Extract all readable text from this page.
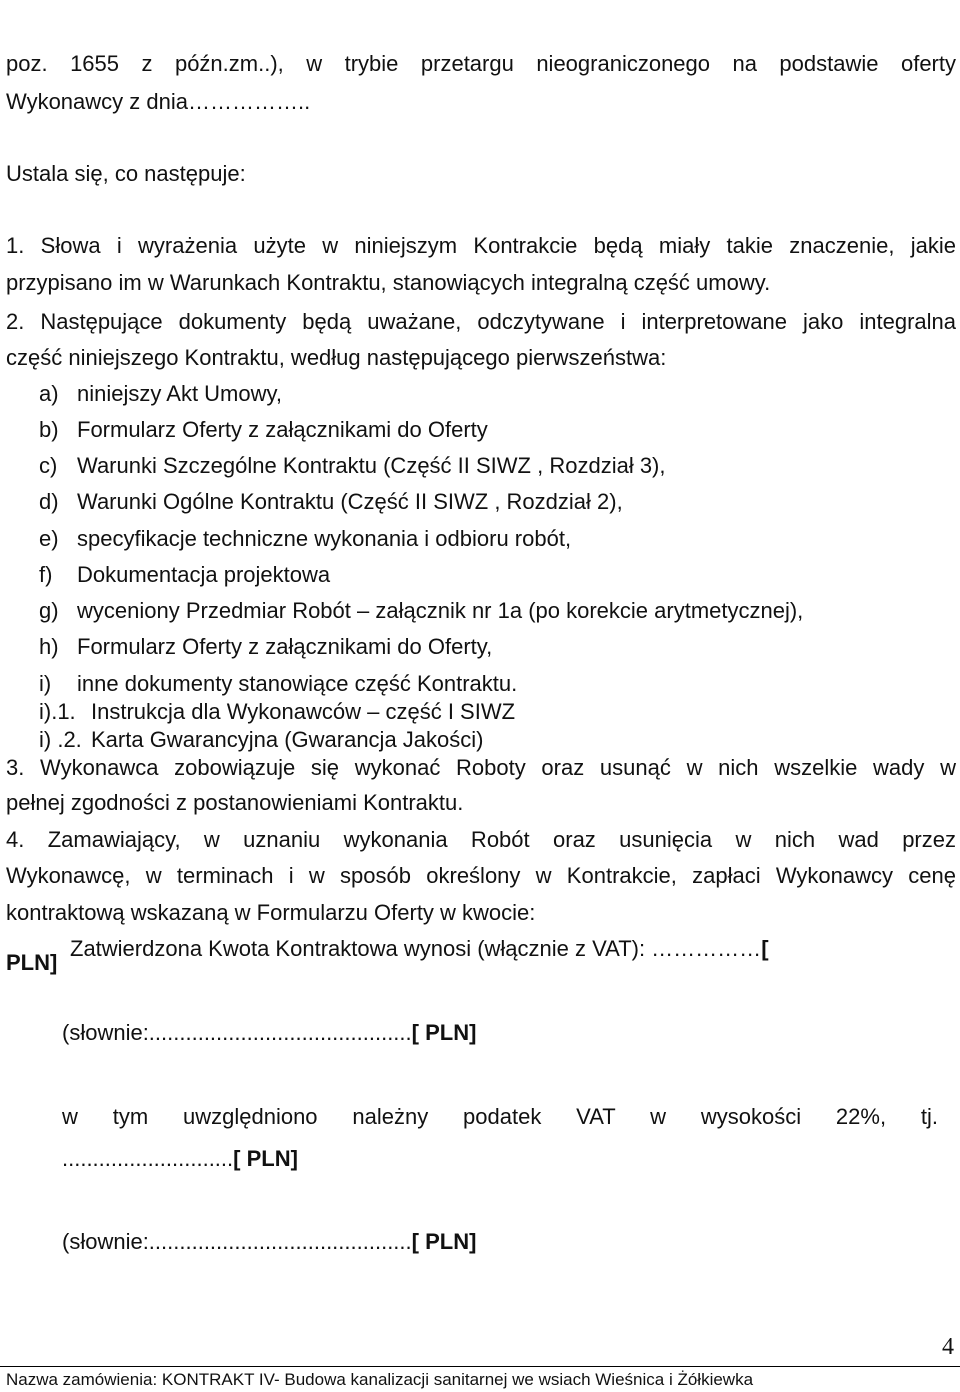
poz. 1655 z późn.zm..), w trybie przetargu nieograniczonego na podstawie oferty
Wykonawcy z dnia……………..
Ustala się, co następuje:
1. Słowa i wyrażenia użyte w niniejszym Kontrakcie będą miały takie znaczenie, jakie
przypisano im w Warunkach Kontraktu, stanowiących integralną część umowy.
2. Następujące dokumenty będą uważane, odczytywane i interpretowane jako integralna
część niniejszego Kontraktu, według następującego pierwszeństwa:
a) niniejszy Akt Umowy,
b) Formularz Oferty z załącznikami do Oferty
c) Warunki Szczególne Kontraktu (Część II SIWZ , Rozdział 3),
d) Warunki Ogólne Kontraktu (Część II SIWZ , Rozdział 2),
e) specyfikacje techniczne wykonania i odbioru robót,
f) Dokumentacja projektowa
g) wyceniony Przedmiar Robót – załącznik nr 1a (po korekcie arytmetycznej),
h) Formularz Oferty z załącznikami do Oferty,
i) inne dokumenty stanowiące część Kontraktu.
i).1. Instrukcja dla Wykonawców – część I SIWZ
i) .2. Karta Gwarancyjna (Gwarancja Jakości)
3. Wykonawca zobowiązuje się wykonać Roboty oraz usunąć w nich wszelkie wady w
pełnej zgodności z postanowieniami Kontraktu.
4. Zamawiający, w uznaniu wykonania Robót oraz usunięcia w nich wad przez
Wykonawcę, w terminach i w sposób określony w Kontrakcie, zapłaci Wykonawcy cenę
kontraktową wskazaną w Formularzu Oferty w kwocie:
Zatwierdzona Kwota Kontraktowa wynosi (włącznie z VAT): ……………[
PLN]
(słownie:...........................................[ PLN]
w tym uwzględniono należny podatek VAT w wysokości 22%, tj.
............................[ PLN]
(słownie:...........................................[ PLN]
4
Nazwa zamówienia: KONTRAKT IV- Budowa kanalizacji sanitarnej we wsiach Wieśnica i Żółkiewka
